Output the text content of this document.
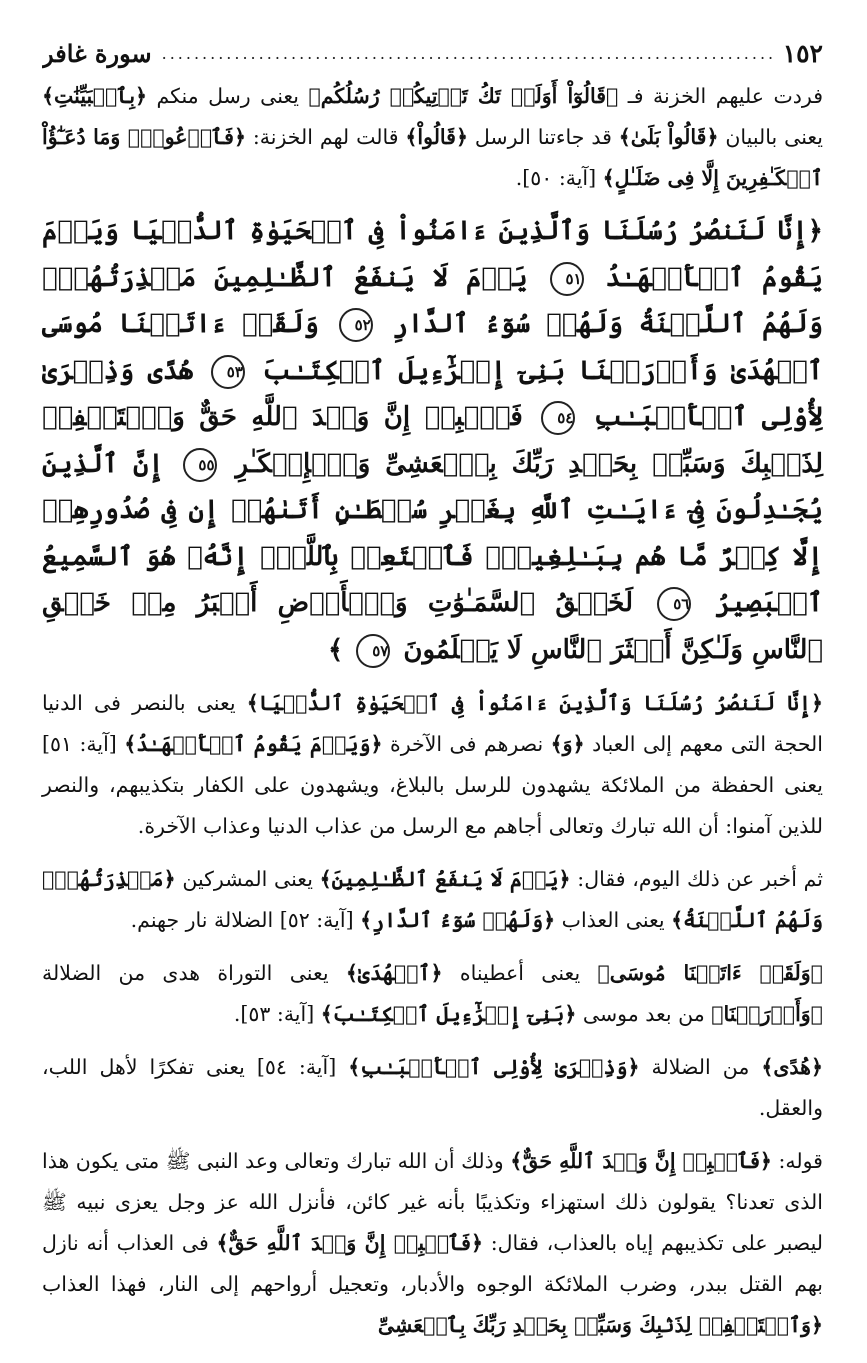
١٥٢
.....
سورة غافر

فردت عليهم الخزنة فـ ﴿قَالُوٓاْ أَوَلَمۡ تَكُ تَأۡتِيكُمۡ رُسُلُكُم﴾ يعنى رسل منكم ﴿بِٱلۡبَيِّنَٰتِ﴾ يعنى بالبيان ﴿قَالُواْ بَلَىٰ﴾ قد جاءتنا الرسل ﴿قَالُواْ﴾ قالت لهم الخزنة: ﴿فَٱدۡعُواْۗ وَمَا دُعَـٰٓؤُاْ ٱلۡكَـٰفِرِينَ إِلَّا فِى ضَلَـٰلٍ﴾ [آية: ٥٠].

﴿إِنَّا لَنَنصُرُ رُسُلَنَا وَٱلَّذِينَ ءَامَنُواْ فِى ٱلۡحَيَوٰةِ ٱلدُّنۡيَا وَيَوۡمَ يَقُومُ ٱلۡأَشۡهَـٰدُ ٥١ يَوۡمَ لَا يَنفَعُ ٱلظَّـٰلِمِينَ مَعۡذِرَتُهُمۡۖ وَلَهُمُ ٱللَّعۡنَةُ وَلَهُمۡ سُوٓءُ ٱلدَّارِ ٥٢ وَلَقَدۡ ءَاتَيۡنَا مُوسَى ٱلۡهُدَىٰ وَأَوۡرَثۡنَا بَنِىٓ إِسۡرَٰٓءِيلَ ٱلۡكِتَـٰبَ ٥٣ هُدًى وَذِكۡرَىٰ لِأُوْلِى ٱلۡأَلۡبَـٰبِ ٥٤ فَٱصۡبِرۡ إِنَّ وَعۡدَ ٱللَّهِ حَقٌّ وَٱسۡتَغۡفِرۡ لِذَنۢبِكَ وَسَبِّحۡ بِحَمۡدِ رَبِّكَ بِٱلۡعَشِىِّ وَٱلۡإِبۡكَـٰرِ ٥٥ إِنَّ ٱلَّذِينَ يُجَـٰدِلُونَ فِىٓ ءَايَـٰتِ ٱللَّهِ بِغَيۡرِ سُلۡطَـٰنٍ أَتَىٰهُمۡ إِن فِى صُدُورِهِمۡ إِلَّا كِبۡرٌ مَّا هُم بِبَـٰلِغِيهِۚ فَٱسۡتَعِذۡ بِٱللَّهِۖ إِنَّهُۥ هُوَ ٱلسَّمِيعُ ٱلۡبَصِيرُ ٥٦ لَخَلۡقُ ٱلسَّمَـٰوَٰتِ وَٱلۡأَرۡضِ أَكۡبَرُ مِنۡ خَلۡقِ ٱلنَّاسِ وَلَـٰكِنَّ أَكۡثَرَ ٱلنَّاسِ لَا يَعۡلَمُونَ ٥٧ ﴾

﴿إِنَّا لَنَنصُرُ رُسُلَنَا وَٱلَّذِينَ ءَامَنُواْ فِى ٱلۡحَيَوٰةِ ٱلدُّنۡيَا﴾ يعنى بالنصر فى الدنيا الحجة التى معهم إلى العباد ﴿وَ﴾ نصرهم فى الآخرة ﴿وَيَوۡمَ يَقُومُ ٱلۡأَشۡهَـٰدُ﴾ [آية: ٥١] يعنى الحفظة من الملائكة يشهدون للرسل بالبلاغ، ويشهدون على الكفار بتكذيبهم، والنصر للذين آمنوا: أن الله تبارك وتعالى أجاهم مع الرسل من عذاب الدنيا وعذاب الآخرة.

ثم أخبر عن ذلك اليوم، فقال: ﴿يَوۡمَ لَا يَنفَعُ ٱلظَّـٰلِمِينَ﴾ يعنى المشركين ﴿مَعۡذِرَتُهُمۡۖ وَلَهُمُ ٱللَّعۡنَةُ﴾ يعنى العذاب ﴿وَلَهُمۡ سُوٓءُ ٱلدَّارِ﴾ [آية: ٥٢] الضلالة نار جهنم.

﴿وَلَقَدۡ ءَاتَيۡنَا مُوسَى﴾ يعنى أعطيناه ﴿ٱلۡهُدَىٰ﴾ يعنى التوراة هدى من الضلالة ﴿وَأَوۡرَثۡنَا﴾ من بعد موسى ﴿بَنِىٓ إِسۡرَٰٓءِيلَ ٱلۡكِتَـٰبَ﴾ [آية: ٥٣].

﴿هُدًى﴾ من الضلالة ﴿وَذِكۡرَىٰ لِأُوْلِى ٱلۡأَلۡبَـٰبِ﴾ [آية: ٥٤] يعنى تفكرًا لأهل اللب، والعقل.

قوله: ﴿فَٱصۡبِرۡ إِنَّ وَعۡدَ ٱللَّهِ حَقٌّ﴾ وذلك أن الله تبارك وتعالى وعد النبى ﷺ متى يكون هذا الذى تعدنا؟ يقولون ذلك استهزاء وتكذيبًا بأنه غير كائن، فأنزل الله عز وجل يعزى نبيه ﷺ ليصبر على تكذيبهم إياه بالعذاب، فقال: ﴿فَٱصۡبِرۡ إِنَّ وَعۡدَ ٱللَّهِ حَقٌّ﴾ فى العذاب أنه نازل بهم القتل ببدر، وضرب الملائكة الوجوه والأدبار، وتعجيل أرواحهم إلى النار، فهذا العذاب ﴿وَٱسۡتَغۡفِرۡ لِذَنۢبِكَ وَسَبِّحۡ بِحَمۡدِ رَبِّكَ بِٱلۡعَشِىِّ
